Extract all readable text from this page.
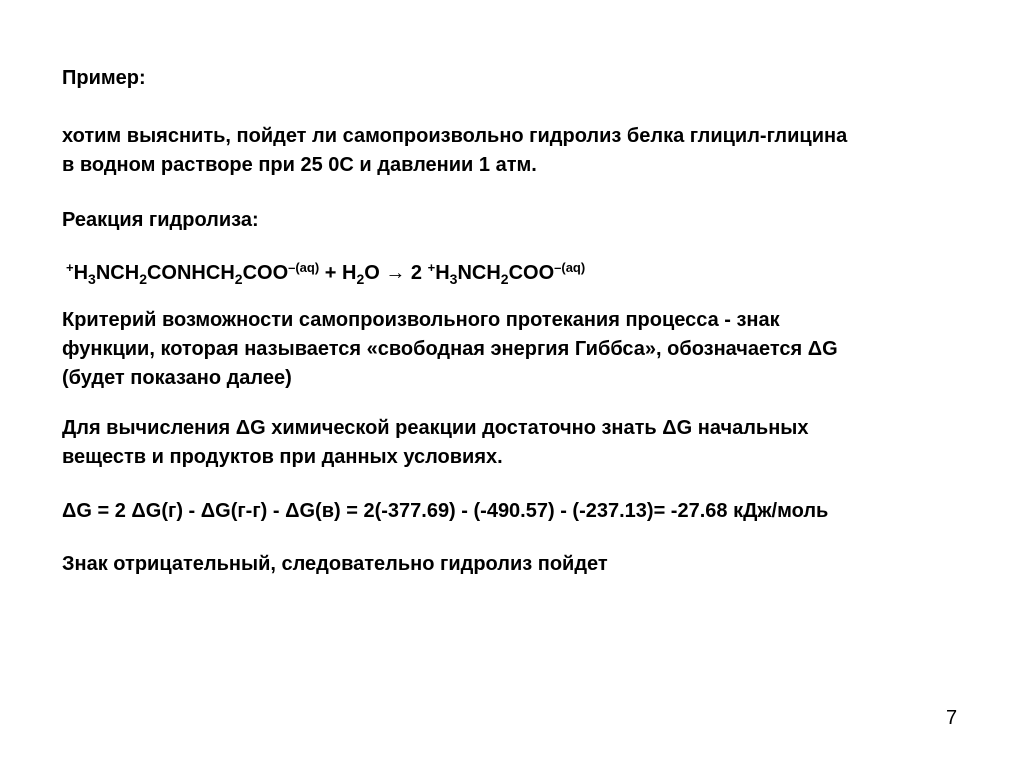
Пример:
хотим выяснить, пойдет ли самопроизвольно гидролиз белка глицил-глицина
в водном растворе при 25 0С и давлении 1 атм.
Реакция гидролиза:
$^+H_3NCH_2CONHCH_2COO^{-(aq)} + H_2O \to 2$ $^+H_3NCH_2COO^{-(aq)}$
Критерий возможности самопроизвольного протекания процесса - знак
функции, которая называется «свободная энергия Гиббса», обозначается ΔG
(будет показано далее)
Для вычисления ΔG химической реакции достаточно знать ΔG начальных
веществ и продуктов при данных условиях.
ΔG = 2 ΔG(г) - ΔG(г-г) - ΔG(в) = 2(-377.69) - (-490.57) - (-237.13)= -27.68 кДж/моль
Знак отрицательный, следовательно гидролиз пойдет
7
